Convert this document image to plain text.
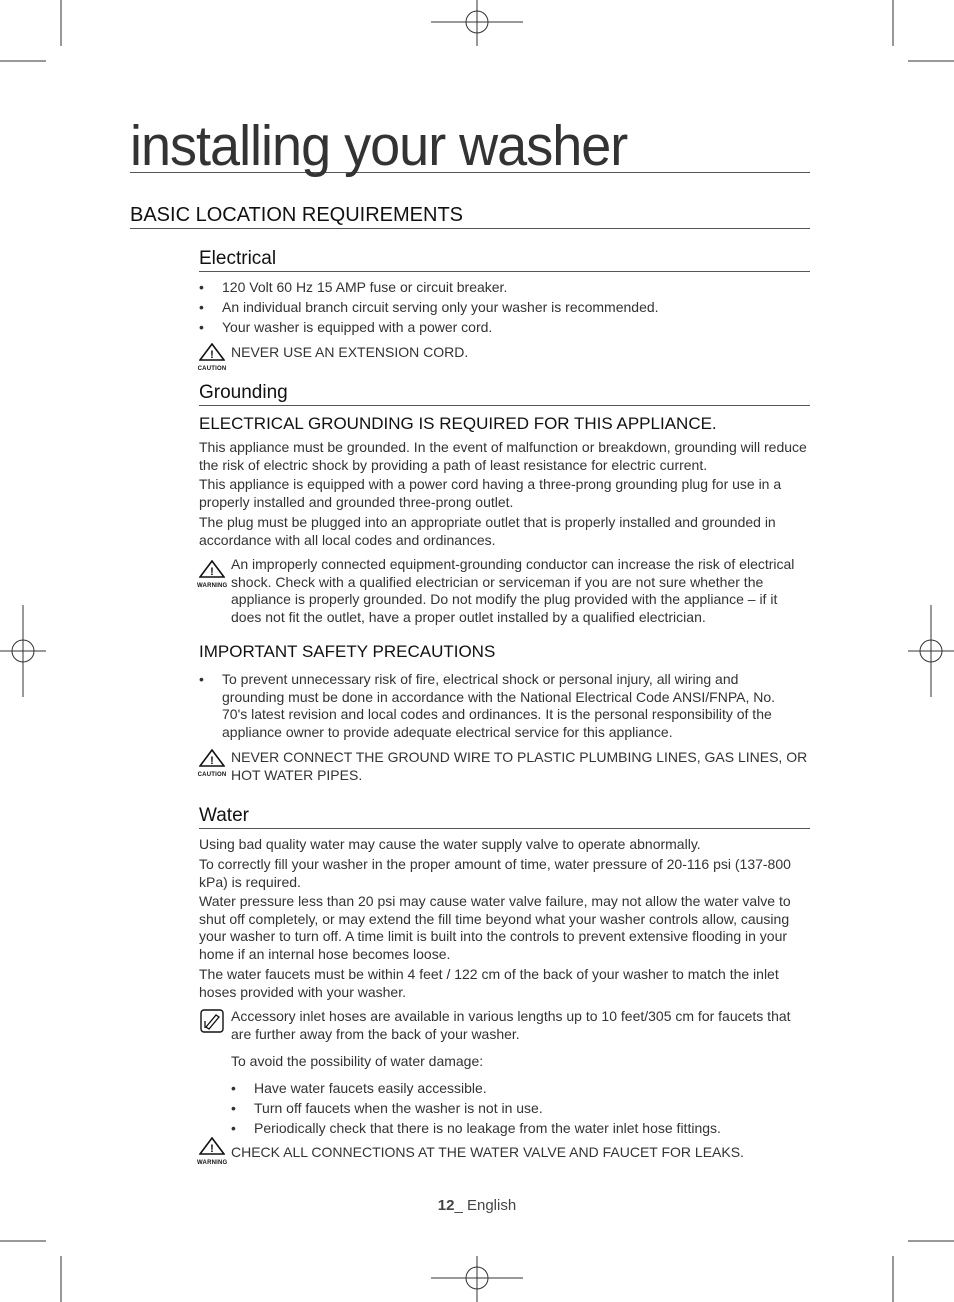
installing your washer
BASIC LOCATION REQUIREMENTS
Electrical
• 120 Volt 60 Hz 15 AMP fuse or circuit breaker.
• An individual branch circuit serving only your washer is recommended.
• Your washer is equipped with a power cord.
!
CAUTION
NEVER USE AN EXTENSION CORD.
Grounding
ELECTRICAL GROUNDING IS REQUIRED FOR THIS APPLIANCE.
This appliance must be grounded. In the event of malfunction or breakdown, grounding will reduce the risk of electric shock by providing a path of least resistance for electric current.
This appliance is equipped with a power cord having a three-prong grounding plug for use in a properly installed and grounded three-prong outlet.
The plug must be plugged into an appropriate outlet that is properly installed and grounded in accordance with all local codes and ordinances.
!
WARNING
An improperly connected equipment-grounding conductor can increase the risk of electrical shock. Check with a qualified electrician or serviceman if you are not sure whether the appliance is properly grounded. Do not modify the plug provided with the appliance – if it does not fit the outlet, have a proper outlet installed by a qualified electrician.
IMPORTANT SAFETY PRECAUTIONS
• To prevent unnecessary risk of fire, electrical shock or personal injury, all wiring and grounding must be done in accordance with the National Electrical Code ANSI/FNPA, No. 70's latest revision and local codes and ordinances. It is the personal responsibility of the appliance owner to provide adequate electrical service for this appliance.
!
CAUTION
NEVER CONNECT THE GROUND WIRE TO PLASTIC PLUMBING LINES, GAS LINES, OR HOT WATER PIPES.
Water
Using bad quality water may cause the water supply valve to operate abnormally.
To correctly fill your washer in the proper amount of time, water pressure of 20-116 psi (137-800 kPa) is required.
Water pressure less than 20 psi may cause water valve failure, may not allow the water valve to shut off completely, or may extend the fill time beyond what your washer controls allow, causing your washer to turn off. A time limit is built into the controls to prevent extensive flooding in your home if an internal hose becomes loose.
The water faucets must be within 4 feet / 122 cm of the back of your washer to match the inlet hoses provided with your washer.
Accessory inlet hoses are available in various lengths up to 10 feet/305 cm for faucets that are further away from the back of your washer.
To avoid the possibility of water damage:
• Have water faucets easily accessible.
• Turn off faucets when the washer is not in use.
• Periodically check that there is no leakage from the water inlet hose fittings.
!
WARNING
CHECK ALL CONNECTIONS AT THE WATER VALVE AND FAUCET FOR LEAKS.
12_ English
